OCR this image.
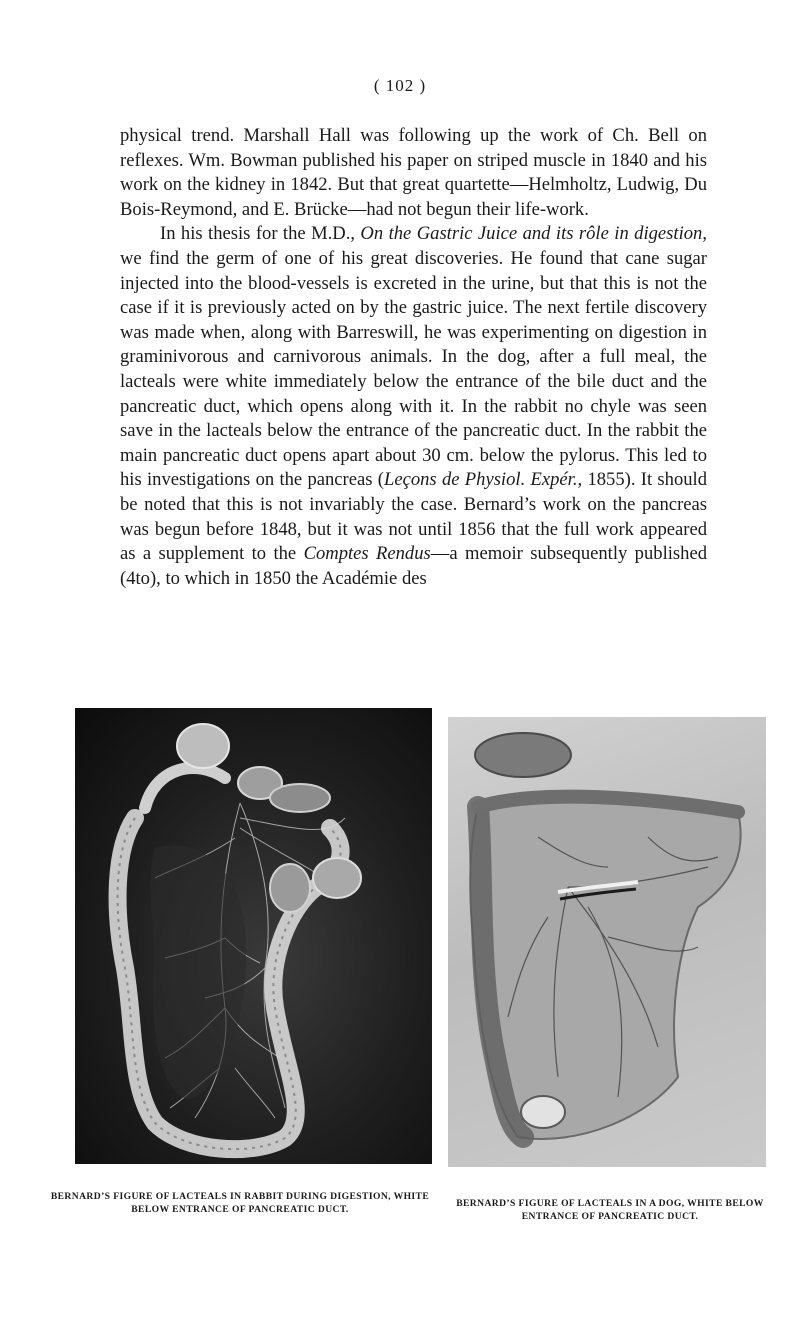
( 102 )

physical trend. Marshall Hall was following up the work of Ch. Bell on reflexes. Wm. Bowman published his paper on striped muscle in 1840 and his work on the kidney in 1842. But that great quartette—Helmholtz, Ludwig, Du Bois-Reymond, and E. Brücke—had not begun their life-work.

In his thesis for the M.D., On the Gastric Juice and its rôle in digestion, we find the germ of one of his great discoveries. He found that cane sugar injected into the blood-vessels is excreted in the urine, but that this is not the case if it is previously acted on by the gastric juice. The next fertile discovery was made when, along with Barreswill, he was experimenting on digestion in graminivorous and carnivorous animals. In the dog, after a full meal, the lacteals were white immediately below the entrance of the bile duct and the pancreatic duct, which opens along with it. In the rabbit no chyle was seen save in the lacteals below the entrance of the pancreatic duct. In the rabbit the main pancreatic duct opens apart about 30 cm. below the pylorus. This led to his investigations on the pancreas (Leçons de Physiol. Expér., 1855). It should be noted that this is not invariably the case. Bernard’s work on the pancreas was begun before 1848, but it was not until 1856 that the full work appeared as a supplement to the Comptes Rendus—a memoir subsequently published (4to), to which in 1850 the Académie des

BERNARD’S FIGURE OF LACTEALS IN RABBIT DURING DIGESTION, WHITE BELOW ENTRANCE OF PANCREATIC DUCT.
BERNARD’S FIGURE OF LACTEALS IN A DOG, WHITE BELOW ENTRANCE OF PANCREATIC DUCT.
